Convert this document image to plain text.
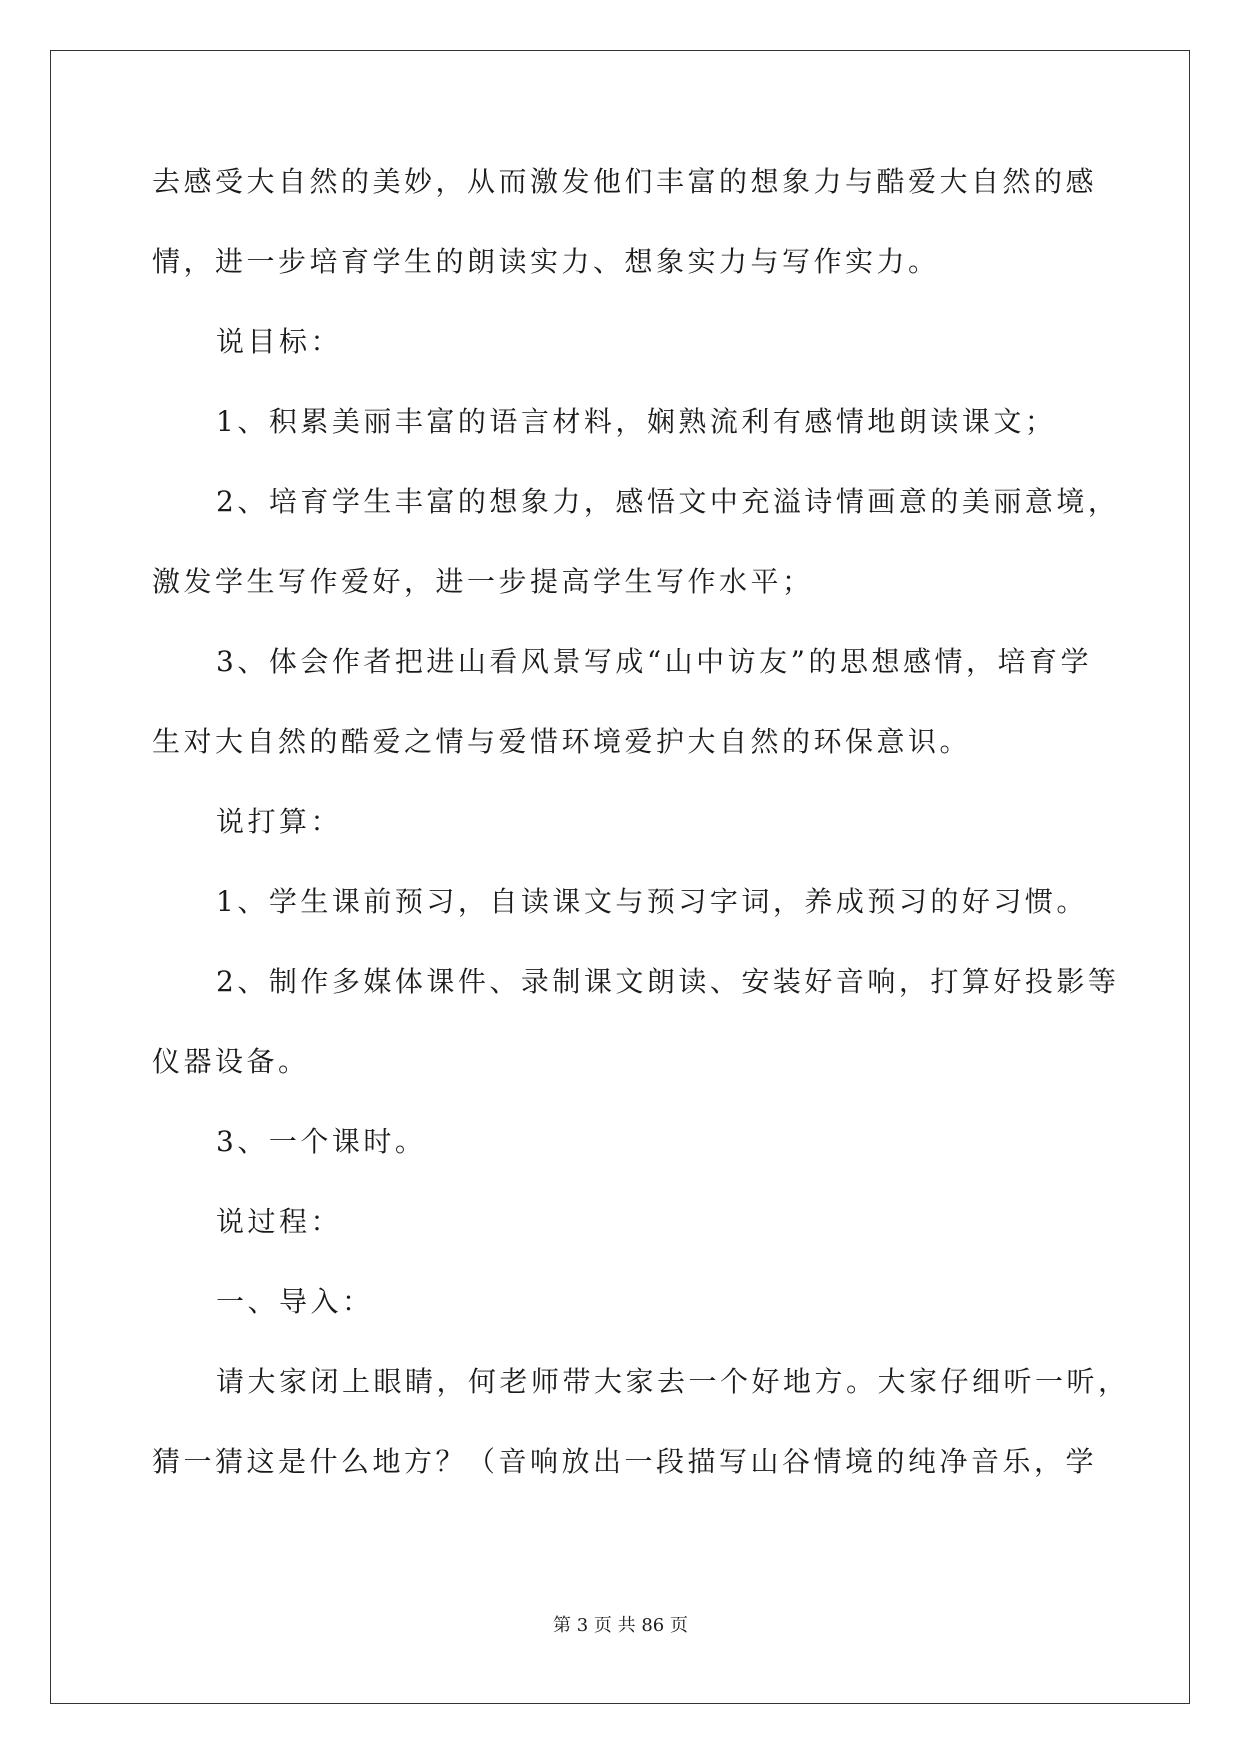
去感受大自然的美妙，从而激发他们丰富的想象力与酷爱大自然的感
情，进一步培育学生的朗读实力、想象实力与写作实力。
说目标：
1、积累美丽丰富的语言材料，娴熟流利有感情地朗读课文；
2、培育学生丰富的想象力，感悟文中充溢诗情画意的美丽意境，
激发学生写作爱好，进一步提高学生写作水平；
3、体会作者把进山看风景写成“山中访友”的思想感情，培育学
生对大自然的酷爱之情与爱惜环境爱护大自然的环保意识。
说打算：
1、学生课前预习，自读课文与预习字词，养成预习的好习惯。
2、制作多媒体课件、录制课文朗读、安装好音响，打算好投影等
仪器设备。
3、一个课时。
说过程：
一、导入：
请大家闭上眼睛，何老师带大家去一个好地方。大家仔细听一听，
猜一猜这是什么地方？（音响放出一段描写山谷情境的纯净音乐，学
第 3 页 共 86 页
